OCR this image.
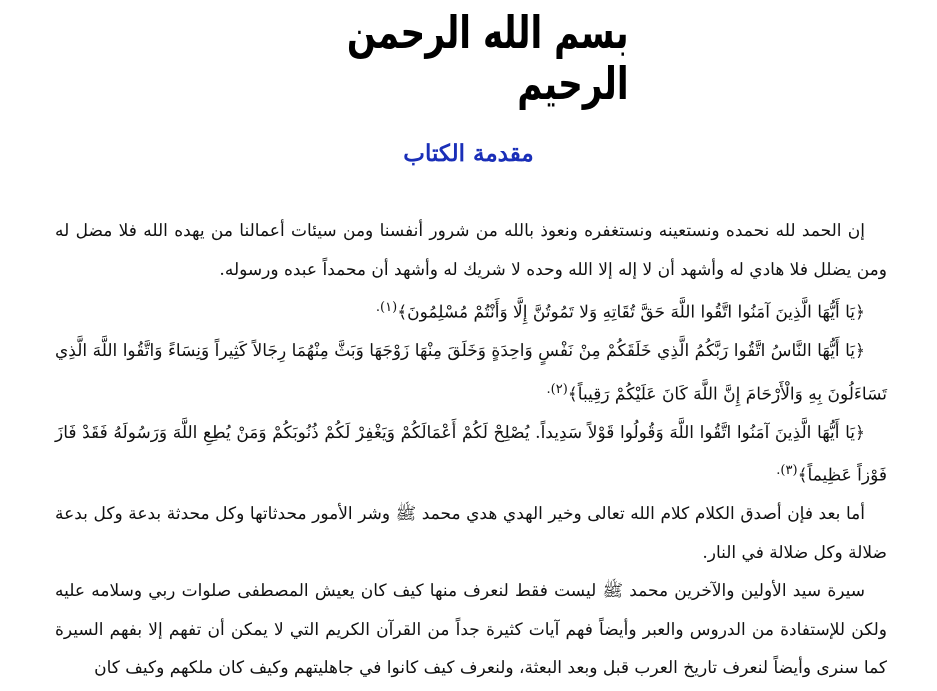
بسم الله الرحمن الرحيم
مقدمة الكتاب

إن الحمد لله نحمده ونستعينه ونستغفره ونعوذ بالله من شرور أنفسنا ومن سيئات أعمالنا من يهده الله فلا مضل له ومن يضلل فلا هادي له وأشهد أن لا إله إلا الله وحده لا شريك له وأشهد أن محمداً عبده ورسوله.

﴿يَا أَيُّهَا الَّذِينَ آمَنُوا اتَّقُوا اللَّهَ حَقَّ تُقَاتِهِ وَلا تَمُوتُنَّ إِلَّا وَأَنْتُمْ مُسْلِمُونَ﴾$^{(١).}$

﴿يَا أَيُّهَا النَّاسُ اتَّقُوا رَبَّكُمُ الَّذِي خَلَقَكُمْ مِنْ نَفْسٍ وَاحِدَةٍ وَخَلَقَ مِنْهَا زَوْجَهَا وَبَثَّ مِنْهُمَا رِجَالاً كَثِيراً وَنِسَاءً وَاتَّقُوا اللَّهَ الَّذِي تَسَاءَلُونَ بِهِ وَالْأَرْحَامَ إِنَّ اللَّهَ كَانَ عَلَيْكُمْ رَقِيباً﴾$^{(٢).}$

﴿يَا أَيُّهَا الَّذِينَ آمَنُوا اتَّقُوا اللَّهَ وَقُولُوا قَوْلاً سَدِيداً. يُصْلِحْ لَكُمْ أَعْمَالَكُمْ وَيَغْفِرْ لَكُمْ ذُنُوبَكُمْ وَمَنْ يُطِعِ اللَّهَ وَرَسُولَهُ فَقَدْ فَازَ فَوْزاً عَظِيماً﴾$^{(٣).}$

أما بعد فإن أصدق الكلام كلام الله تعالى وخير الهدي هدي محمد ﷺ وشر الأمور محدثاتها وكل محدثة بدعة وكل بدعة ضلالة وكل ضلالة في النار.

سيرة سيد الأولين والآخرين محمد ﷺ ليست فقط لنعرف منها كيف كان يعيش المصطفى صلوات ربي وسلامه عليه ولكن للإستفادة من الدروس والعبر وأيضاً فهم آيات كثيرة جداً من القرآن الكريم التي لا يمكن أن تفهم إلا بفهم السيرة كما سنرى وأيضاً لنعرف تاريخ العرب قبل وبعد البعثة، ولنعرف كيف كانوا في جاهليتهم وكيف كان ملكهم وكيف كان
